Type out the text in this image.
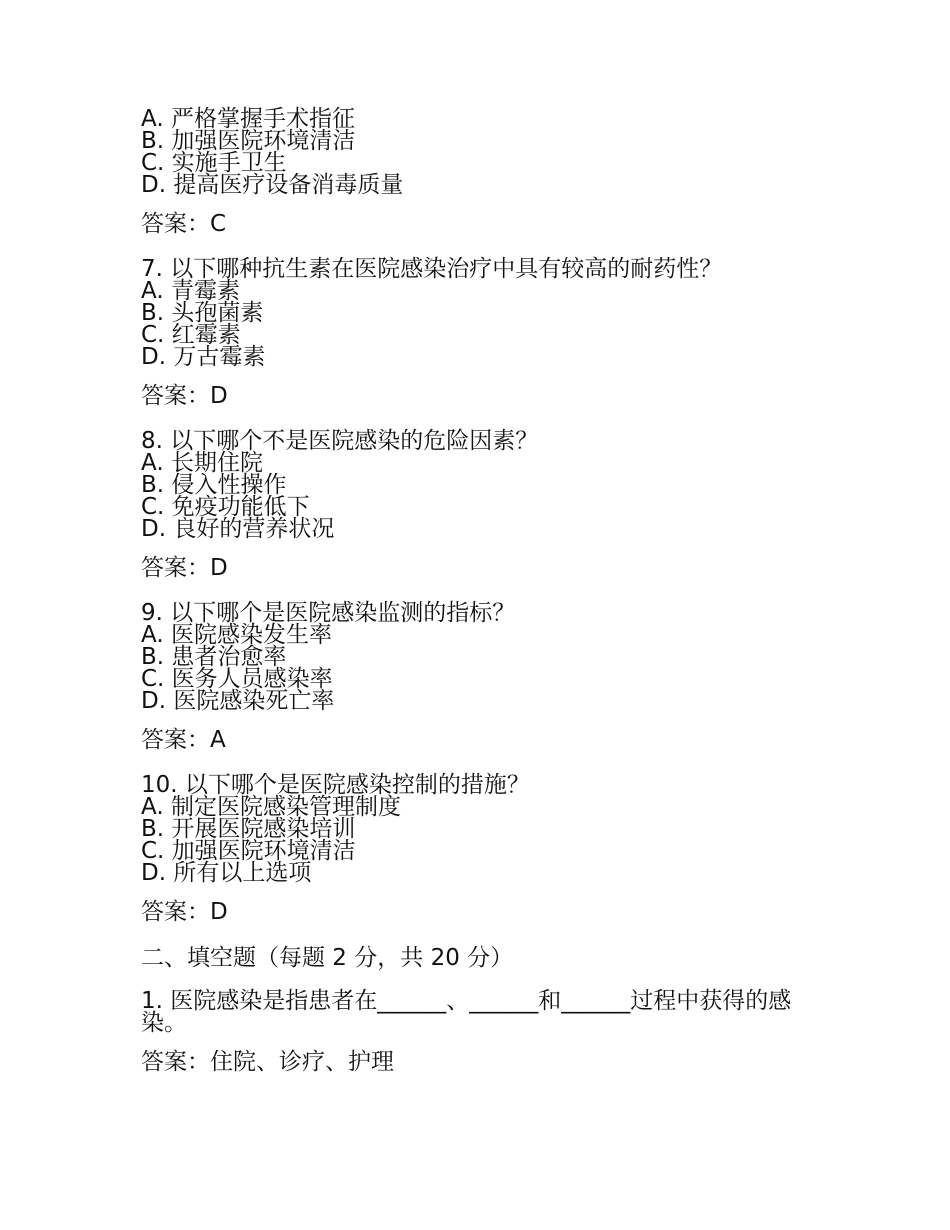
A. 严格掌握手术指征
B. 加强医院环境清洁
C. 实施手卫生
D. 提高医疗设备消毒质量
答案：C
7. 以下哪种抗生素在医院感染治疗中具有较高的耐药性？
A. 青霉素
B. 头孢菌素
C. 红霉素
D. 万古霉素
答案：D
8. 以下哪个不是医院感染的危险因素？
A. 长期住院
B. 侵入性操作
C. 免疫功能低下
D. 良好的营养状况
答案：D
9. 以下哪个是医院感染监测的指标？
A. 医院感染发生率
B. 患者治愈率
C. 医务人员感染率
D. 医院感染死亡率
答案：A
10. 以下哪个是医院感染控制的措施？
A. 制定医院感染管理制度
B. 开展医院感染培训
C. 加强医院环境清洁
D. 所有以上选项
答案：D
二、填空题（每题 2 分，共 20 分）
1. 医院感染是指患者在______、______和______过程中获得的感染。
答案：住院、诊疗、护理
